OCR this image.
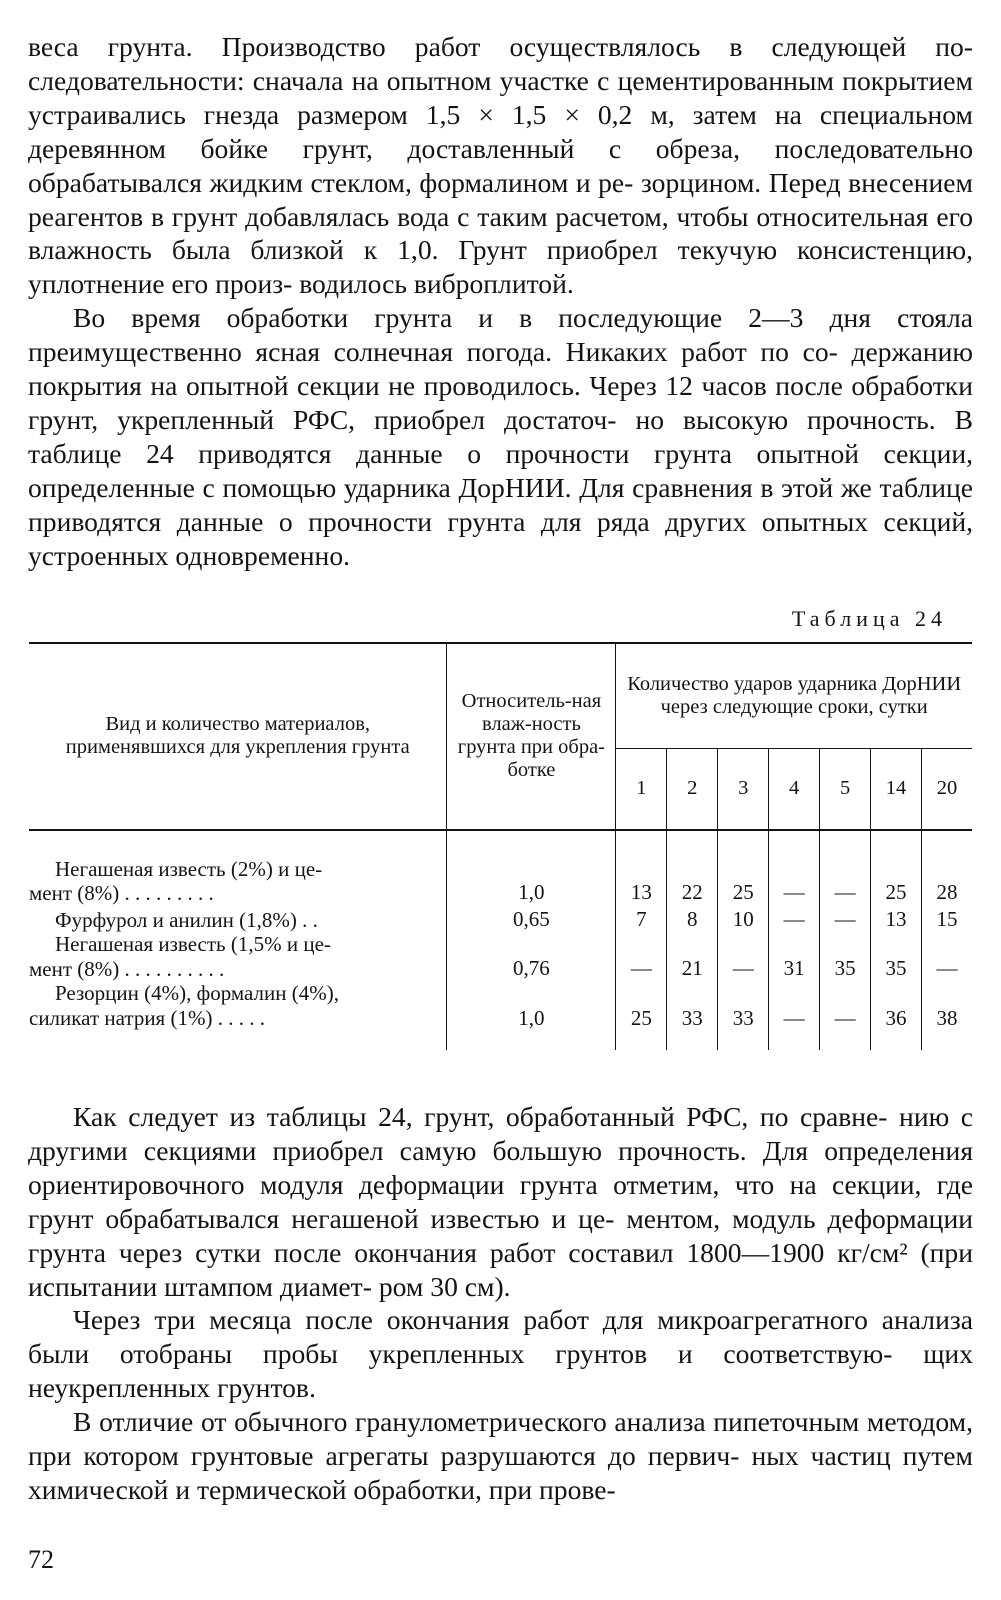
веса грунта. Производство работ осуществлялось в следующей по- следовательности: сначала на опытном участке с цементированным покрытием устраивались гнезда размером 1,5 × 1,5 × 0,2 м, затем на специальном деревянном бойке грунт, доставленный с обреза, последовательно обрабатывался жидким стеклом, формалином и ре- зорцином. Перед внесением реагентов в грунт добавлялась вода с таким расчетом, чтобы относительная его влажность была близкой к 1,0. Грунт приобрел текучую консистенцию, уплотнение его произ- водилось виброплитой.

Во время обработки грунта и в последующие 2—3 дня стояла преимущественно ясная солнечная погода. Никаких работ по со- держанию покрытия на опытной секции не проводилось. Через 12 часов после обработки грунт, укрепленный РФС, приобрел достаточ- но высокую прочность. В таблице 24 приводятся данные о прочности грунта опытной секции, определенные с помощью ударника ДорНИИ. Для сравнения в этой же таблице приводятся данные о прочности грунта для ряда других опытных секций, устроенных одновременно.

Таблица 24
Вид и количество материалов, применявшихся для укрепления грунта	Относитель-ная влаж-ность грунта при обра-ботке	Количество ударов ударника ДорНИИ через следующие сроки, сутки						
		1	2	3	4	5	14	20

Негашеная известь (2%) и це-
мент (8%) . . . . . . . . .	1,0	13	22	25	—	—	25	28

Фурфурол и анилин (1,8%) . .	0,65	7	8	10	—	—	13	15

Негашеная известь (1,5% и це-
мент (8%) . . . . . . . . . .	0,76	—	21	—	31	35	35	—

Резорцин (4%), формалин (4%),
силикат натрия (1%) . . . . .	1,0	25	33	33	—	—	36	38

Как следует из таблицы 24, грунт, обработанный РФС, по сравне- нию с другими секциями приобрел самую большую прочность. Для определения ориентировочного модуля деформации грунта отметим, что на секции, где грунт обрабатывался негашеной известью и це- ментом, модуль деформации грунта через сутки после окончания работ составил 1800—1900 кг/см² (при испытании штампом диамет- ром 30 см).

Через три месяца после окончания работ для микроагрегатного анализа были отобраны пробы укрепленных грунтов и соответствую- щих неукрепленных грунтов.

В отличие от обычного гранулометрического анализа пипеточным методом, при котором грунтовые агрегаты разрушаются до первич- ных частиц путем химической и термической обработки, при прове-

72
